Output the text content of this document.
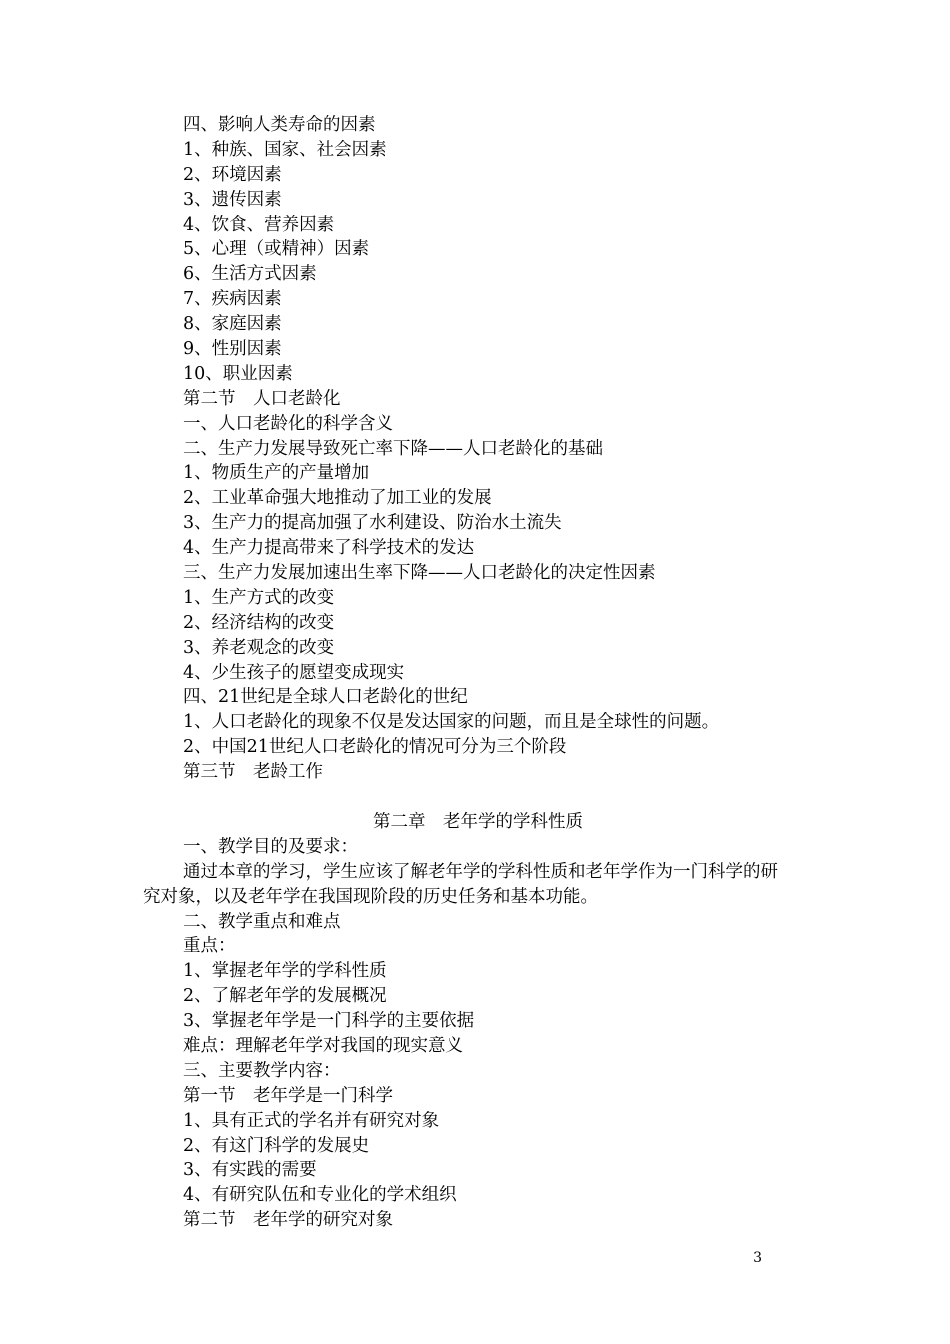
四、影响人类寿命的因素

1、种族、国家、社会因素

2、环境因素

3、遗传因素

4、饮食、营养因素

5、心理（或精神）因素

6、生活方式因素

7、疾病因素

8、家庭因素

9、性别因素

10、职业因素

第二节　人口老龄化

一、人口老龄化的科学含义

二、生产力发展导致死亡率下降——人口老龄化的基础

1、物质生产的产量增加

2、工业革命强大地推动了加工业的发展

3、生产力的提高加强了水利建设、防治水土流失

4、生产力提高带来了科学技术的发达

三、生产力发展加速出生率下降——人口老龄化的决定性因素

1、生产方式的改变

2、经济结构的改变

3、养老观念的改变

4、少生孩子的愿望变成现实

四、21世纪是全球人口老龄化的世纪

1、人口老龄化的现象不仅是发达国家的问题，而且是全球性的问题。

2、中国21世纪人口老龄化的情况可分为三个阶段

第三节　老龄工作

第二章　老年学的学科性质

一、教学目的及要求：

通过本章的学习，学生应该了解老年学的学科性质和老年学作为一门科学的研究对象，以及老年学在我国现阶段的历史任务和基本功能。

二、教学重点和难点

重点：

1、掌握老年学的学科性质

2、了解老年学的发展概况

3、掌握老年学是一门科学的主要依据

难点：理解老年学对我国的现实意义

三、主要教学内容：

第一节　老年学是一门科学

1、具有正式的学名并有研究对象

2、有这门科学的发展史

3、有实践的需要

4、有研究队伍和专业化的学术组织

第二节　老年学的研究对象

3
